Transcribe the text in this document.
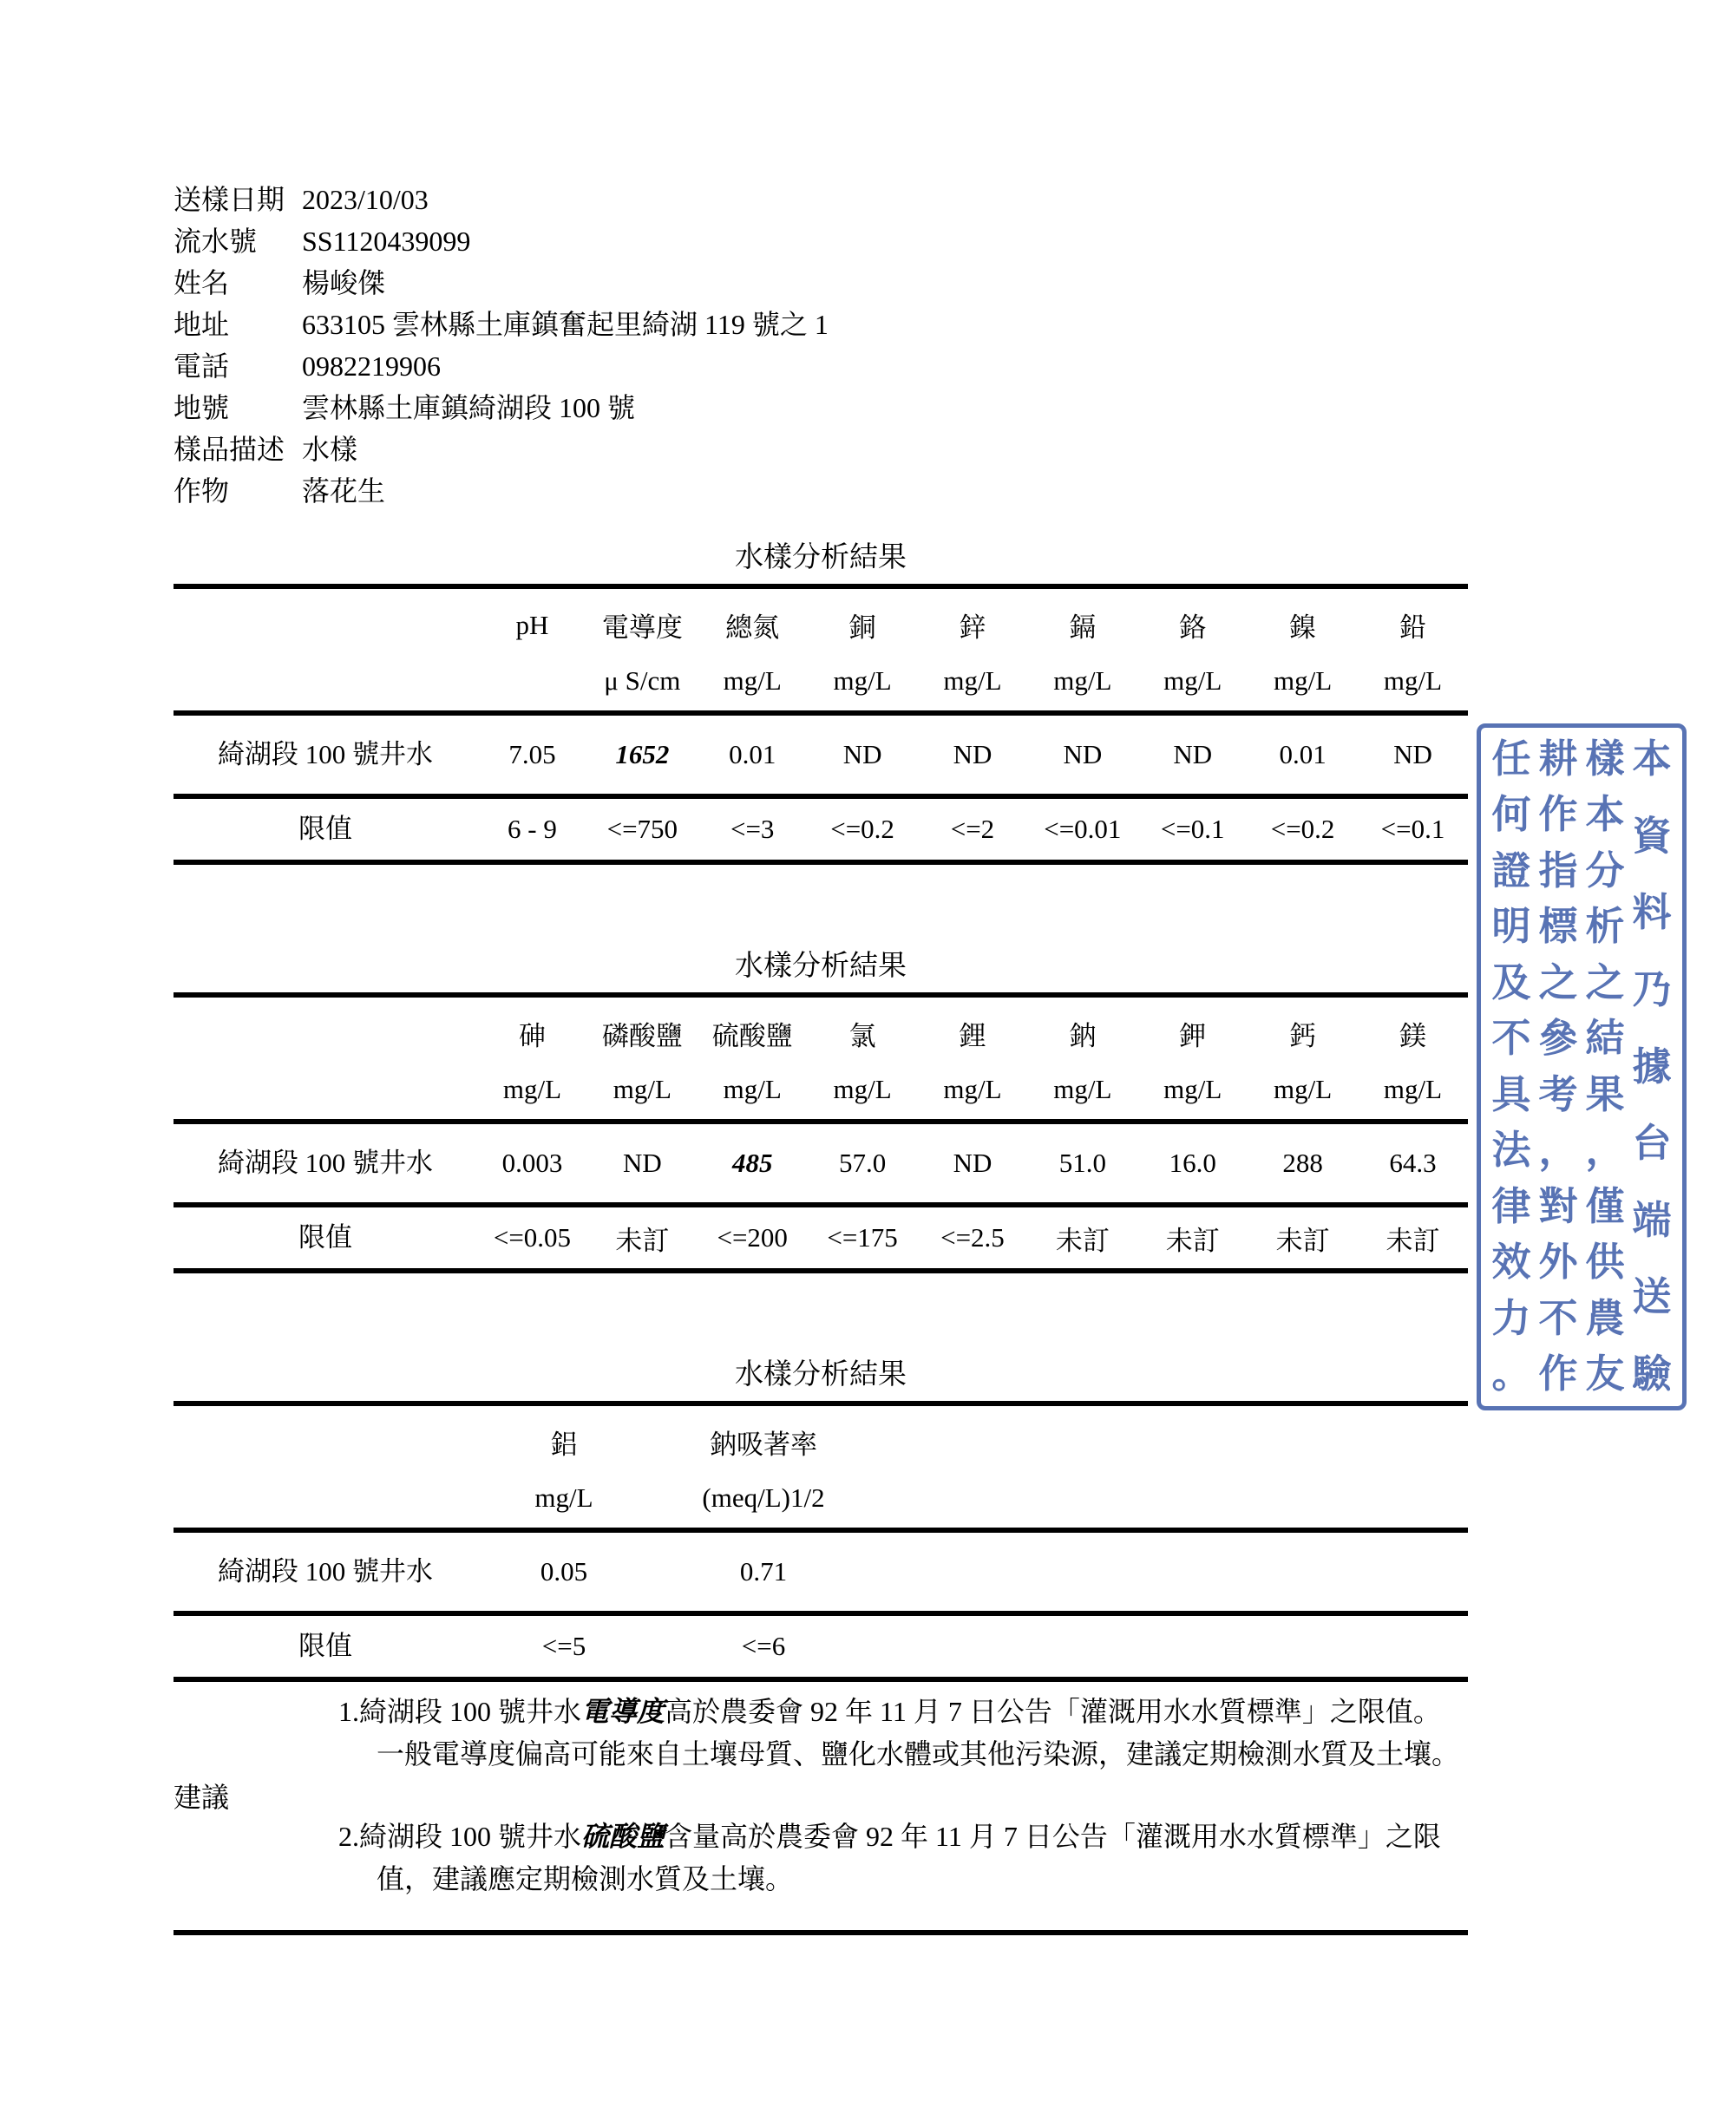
送樣日期 2023/10/03
流水號	SS1120439099
姓名	楊峻傑
地址	633105 雲林縣土庫鎮奮起里綺湖 119 號之 1
電話	0982219906
地號	雲林縣土庫鎮綺湖段 100 號
樣品描述 水樣
作物	落花生
水樣分析結果
	pH	電導度	總氮	銅	鋅	鎘	鉻	鎳	鉛
		μ S/cm	mg/L	mg/L	mg/L	mg/L	mg/L	mg/L	mg/L
綺湖段 100 號井水	7.05	1652	0.01	ND	ND	ND	ND	0.01	ND
限值	6 - 9	<=750	<=3	<=0.2	<=2	<=0.01	<=0.1	<=0.2	<=0.1
水樣分析結果
	砷	磷酸鹽	硫酸鹽	氯	鋰	鈉	鉀	鈣	鎂
	mg/L	mg/L	mg/L	mg/L	mg/L	mg/L	mg/L	mg/L	mg/L
綺湖段 100 號井水	0.003	ND	485	57.0	ND	51.0	16.0	288	64.3
限值	<=0.05	未訂	<=200	<=175	<=2.5	未訂	未訂	未訂	未訂
水樣分析結果
	鋁	鈉吸著率	
	mg/L	(meq/L)1/2	
綺湖段 100 號井水	0.05	0.71	
限值	<=5	<=6	
建議
1.綺湖段 100 號井水電導度高於農委會 92 年 11 月 7 日公告「灌溉用水水質標準」之限值。一般電導度偏高可能來自土壤母質、鹽化水體或其他污染源，建議定期檢測水質及土壤。
2.綺湖段 100 號井水硫酸鹽含量高於農委會 92 年 11 月 7 日公告「灌溉用水水質標準」之限值，建議應定期檢測水質及土壤。
本
資
料
乃
據
台
端
送
驗
樣
本
分
析
之
結
果
，
僅
供
農
友
耕
作
指
標
之
參
考
，
對
外
不
作
任
何
證
明
及
不
具
法
律
效
力
。
